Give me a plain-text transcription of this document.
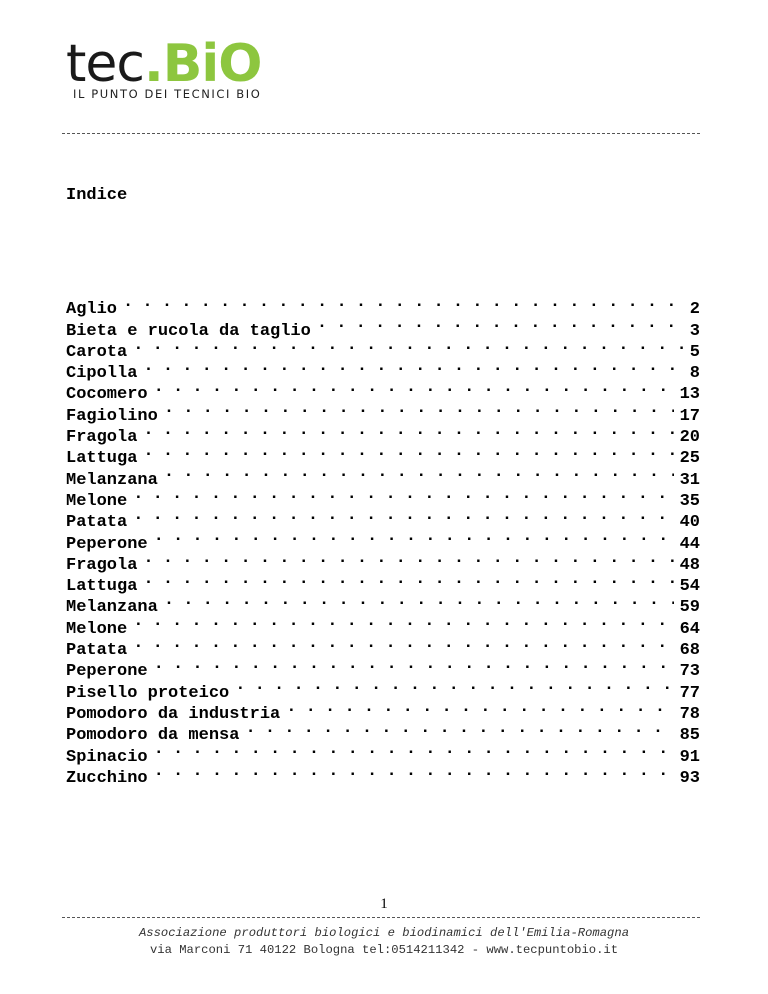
tec.BiO
IL PUNTO DEI TECNICI BIO
Indice
Aglio . . .	2
Bieta e rucola da taglio . . .	3
Carota . . .	5
Cipolla . . .	8
Cocomero . . .	13
Fagiolino . . .	17
Fragola . . .	20
Lattuga . . .	25
Melanzana . . .	31
Melone . . .	35
Patata . . .	40
Peperone . . .	44
Fragola . . .	48
Lattuga . . .	54
Melanzana . . .	59
Melone . . .	64
Patata . . .	68
Peperone . . .	73
Pisello proteico . . .	77
Pomodoro da industria . . .	78
Pomodoro da mensa . . .	85
Spinacio . . .	91
Zucchino . . .	93
1
Associazione produttori biologici e biodinamici dell'Emilia-Romagna
via Marconi 71 40122 Bologna tel:0514211342 - www.tecpuntobio.it
